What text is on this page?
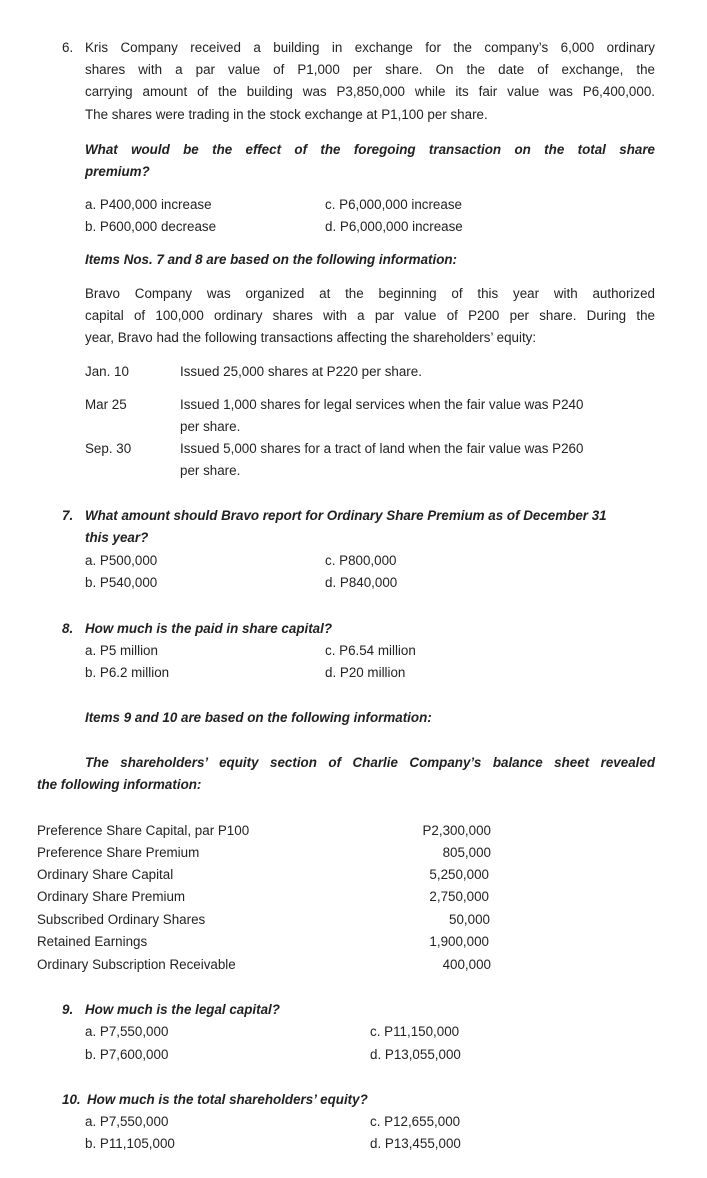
6. Kris Company received a building in exchange for the company’s 6,000 ordinary
shares with a par value of P1,000 per share. On the date of exchange, the
carrying amount of the building was P3,850,000 while its fair value was P6,400,000.
The shares were trading in the stock exchange at P1,100 per share.
What would be the effect of the foregoing transaction on the total share
premium?
a. P400,000 increase
b. P600,000 decrease
c. P6,000,000 increase
d. P6,000,000 increase
Items Nos. 7 and 8 are based on the following information:
Bravo Company was organized at the beginning of this year with authorized
capital of 100,000 ordinary shares with a par value of P200 per share. During the
year, Bravo had the following transactions affecting the shareholders’ equity:
Jan. 10	Issued 25,000 shares at P220 per share.
Mar 25	Issued 1,000 shares for legal services when the fair value was P240
per share.
Sep. 30	Issued 5,000 shares for a tract of land when the fair value was P260
per share.
7. What amount should Bravo report for Ordinary Share Premium as of December 31
this year?
a. P500,000
b. P540,000
c. P800,000
d. P840,000
8. How much is the paid in share capital?
a. P5 million
b. P6.2 million
c. P6.54 million
d. P20 million
Items 9 and 10 are based on the following information:
The shareholders’ equity section of Charlie Company’s balance sheet revealed
the following information:
Preference Share Capital, par P100	P2,300,000
Preference Share Premium	805,000
Ordinary Share Capital	5,250,000
Ordinary Share Premium	2,750,000
Subscribed Ordinary Shares	50,000
Retained Earnings	1,900,000
Ordinary Subscription Receivable	400,000
9. How much is the legal capital?
a. P7,550,000
b. P7,600,000
c. P11,150,000
d. P13,055,000
10. How much is the total shareholders’ equity?
a. P7,550,000
b. P11,105,000
c. P12,655,000
d. P13,455,000
